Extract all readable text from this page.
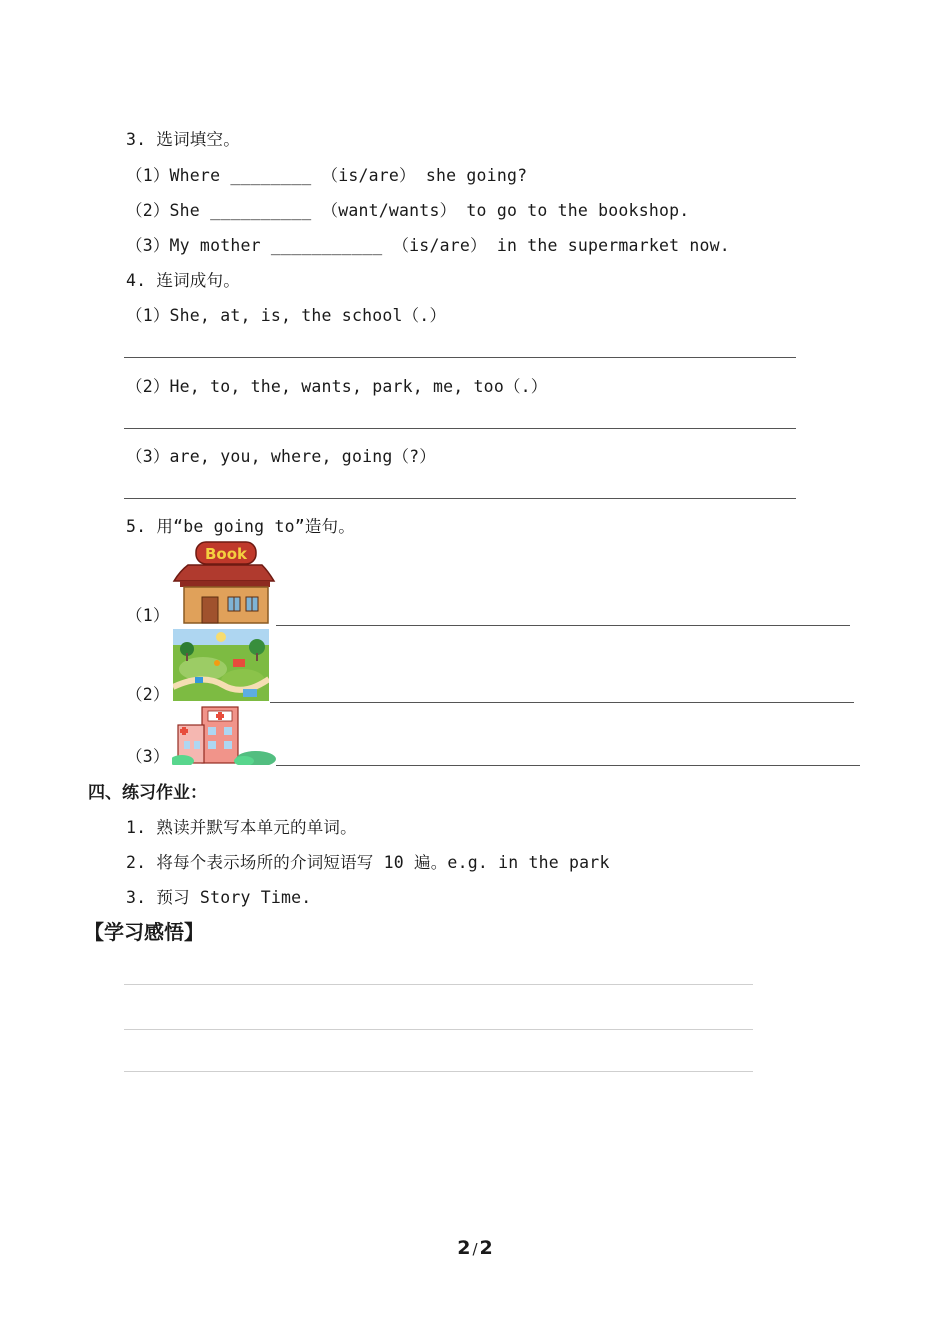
3. 选词填空。
（1）Where ________ （is/are） she going?
（2）She __________ （want/wants） to go to the bookshop.
（3）My mother ___________ （is/are） in the supermarket now.
4. 连词成句。
（1）She, at, is, the school（.）
（2）He, to, the, wants, park, me, too（.）
（3）are, you, where, going（?）
5. 用“be going to”造句。
（1）
Book
（2）
（3）
四、练习作业：
1. 熟读并默写本单元的单词。
2. 将每个表示场所的介词短语写 10 遍。e.g. in the park
3. 预习 Story Time.
【学习感悟】
2 / 2
